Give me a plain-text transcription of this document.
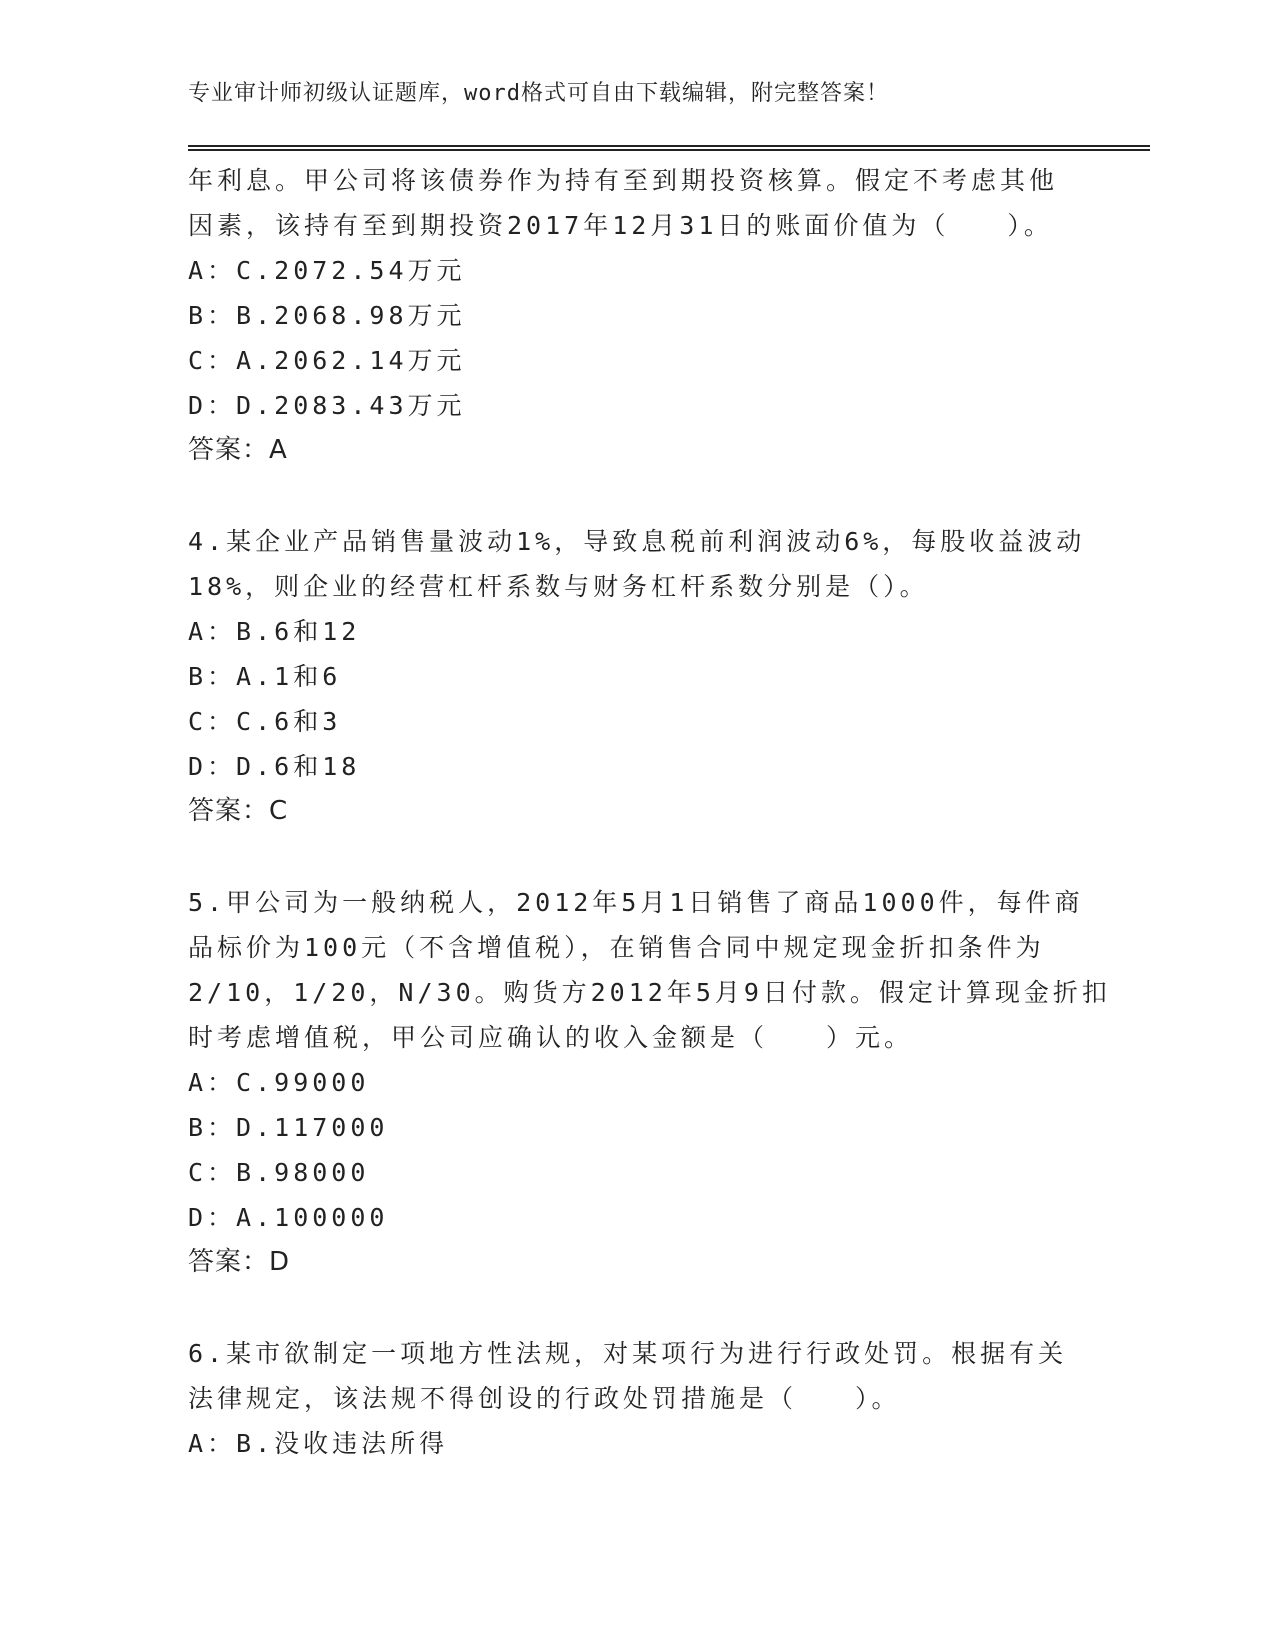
专业审计师初级认证题库，word格式可自由下载编辑，附完整答案！
年利息。甲公司将该债券作为持有至到期投资核算。假定不考虑其他
因素，该持有至到期投资2017年12月31日的账面价值为（　　）。
A：C.2072.54万元
B：B.2068.98万元
C：A.2062.14万元
D：D.2083.43万元
答案：A
4.某企业产品销售量波动1%，导致息税前利润波动6%，每股收益波动
18%，则企业的经营杠杆系数与财务杠杆系数分别是（）。
A：B.6和12
B：A.1和6
C：C.6和3
D：D.6和18
答案：C
5.甲公司为一般纳税人，2012年5月1日销售了商品1000件，每件商
品标价为100元（不含增值税），在销售合同中规定现金折扣条件为
2/10，1/20，N/30。购货方2012年5月9日付款。假定计算现金折扣
时考虑增值税，甲公司应确认的收入金额是（　　）元。
A：C.99000
B：D.117000
C：B.98000
D：A.100000
答案：D
6.某市欲制定一项地方性法规，对某项行为进行行政处罚。根据有关
法律规定，该法规不得创设的行政处罚措施是（　　）。
A：B.没收违法所得
